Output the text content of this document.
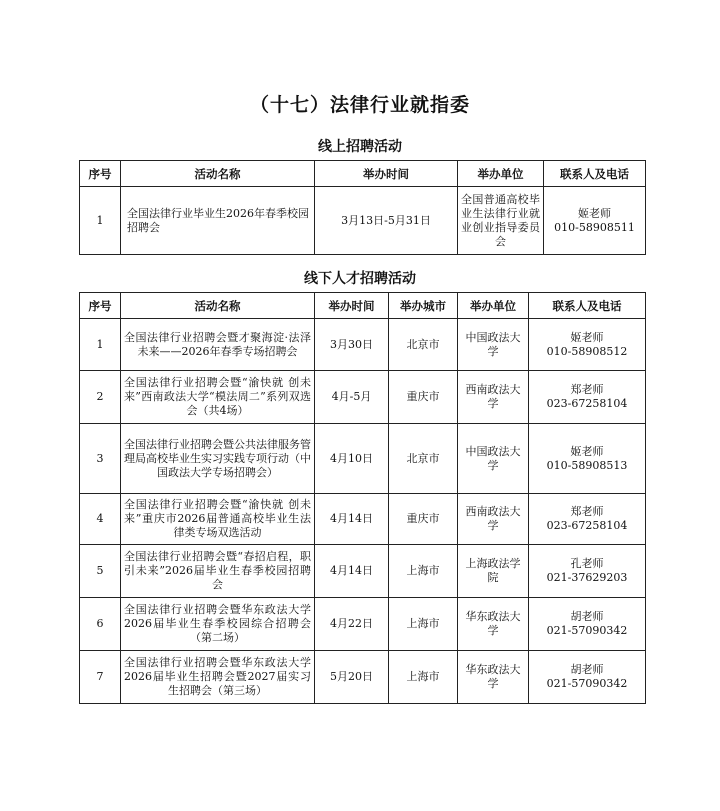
（十七）法律行业就指委
线上招聘活动
序号	活动名称	举办时间	举办单位	联系人及电话
1	全国法律行业毕业生2026年春季校园招聘会	3月13日-5月31日	全国普通高校毕业生法律行业就业创业指导委员会	姬老师
010-58908511
线下人才招聘活动
序号	活动名称	举办时间	举办城市	举办单位	联系人及电话
1	全国法律行业招聘会暨才聚海淀·法泽未来——2026年春季专场招聘会	3月30日	北京市	中国政法大学	姬老师
010-58908512

2	全国法律行业招聘会暨“渝快就 创未来”西南政法大学“模法周二”系列双选会（共4场）	4月-5月	重庆市	西南政法大学	郑老师
023-67258104

3	全国法律行业招聘会暨公共法律服务管理局高校毕业生实习实践专项行动（中国政法大学专场招聘会）	4月10日	北京市	中国政法大学	姬老师
010-58908513

4	全国法律行业招聘会暨“渝快就 创未来”重庆市2026届普通高校毕业生法律类专场双选活动	4月14日	重庆市	西南政法大学	郑老师
023-67258104

5	全国法律行业招聘会暨“春招启程，职引未来”2026届毕业生春季校园招聘会	4月14日	上海市	上海政法学院	孔老师
021-37629203

6	全国法律行业招聘会暨华东政法大学2026届毕业生春季校园综合招聘会（第二场）	4月22日	上海市	华东政法大学	胡老师
021-57090342

7	全国法律行业招聘会暨华东政法大学2026届毕业生招聘会暨2027届实习生招聘会（第三场）	5月20日	上海市	华东政法大学	胡老师
021-57090342
